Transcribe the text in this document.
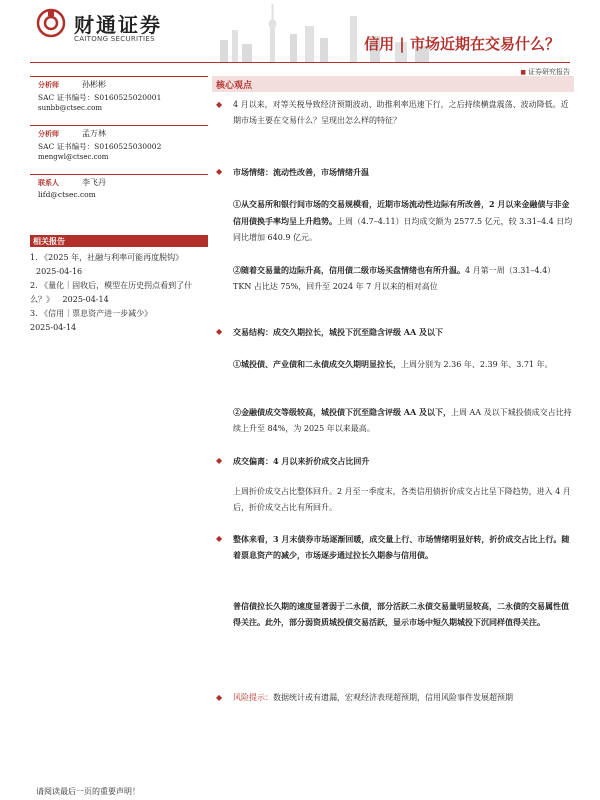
财通证券
CAITONG SECURITIES	信用 | 市场近期在交易什么？
■ 证券研究报告
分析师	孙彬彬
SAC 证书编号：S0160525020001
sunbb@ctsec.com
分析师	孟万林
SAC 证书编号：S0160525030002
mengwl@ctsec.com
联系人	李飞丹
lifd@ctsec.com
相关报告
1. 《2025 年，社融与利率可能再度脱钩》 2025-04-16
2. 《量化｜固收后，模型在历史拐点看到了什么？》 2025-04-14
3. 《信用｜票息资产进一步减少》
2025-04-14
核心观点
◆	4 月以来，对等关税导致经济预期波动、助推利率迅速下行，之后持续横盘震荡、波动降低。近期市场主要在交易什么？呈现出怎么样的特征？
◆	市场情绪：流动性改善，市场情绪升温
①从交易所和银行间市场的交易规模看，近期市场流动性边际有所改善，2 月以来金融债与非金信用债换手率均呈上升趋势。上周（4.7–4.11）日均成交额为 2577.5 亿元，较 3.31–4.4 日均同比增加 640.9 亿元。
②随着交易量的边际升高，信用债二级市场买盘情绪也有所升温。4 月第一周（3.31–4.4）TKN 占比达 75%，回升至 2024 年 7 月以来的相对高位
◆	交易结构：成交久期拉长，城投下沉至隐含评级 AA 及以下
①城投债、产业债和二永债成交久期明显拉长，上周分别为 2.36 年、2.39 年、3.71 年。
②金融债成交等级较高，城投债下沉至隐含评级 AA 及以下，上周 AA 及以下城投债成交占比持续上升至 84%，为 2025 年以来最高。
◆	成交偏离：4 月以来折价成交占比回升
上周折价成交占比整体回升。2 月至一季度末，各类信用债折价成交占比呈下降趋势，进入 4 月后，折价成交占比有所回升。
◆	整体来看，3 月末债券市场逐渐回暖，成交量上行、市场情绪明显好转，折价成交占比上行。随着票息资产的减少，市场逐步通过拉长久期参与信用债。
普信债拉长久期的速度显著弱于二永债，部分活跃二永债交易量明显较高，二永债的交易属性值得关注。此外，部分弱资质城投债交易活跃，显示市场中短久期城投下沉同样值得关注。
◆	风险提示：数据统计或有遗漏，宏观经济表现超预期，信用风险事件发展超预期
请阅读最后一页的重要声明！
